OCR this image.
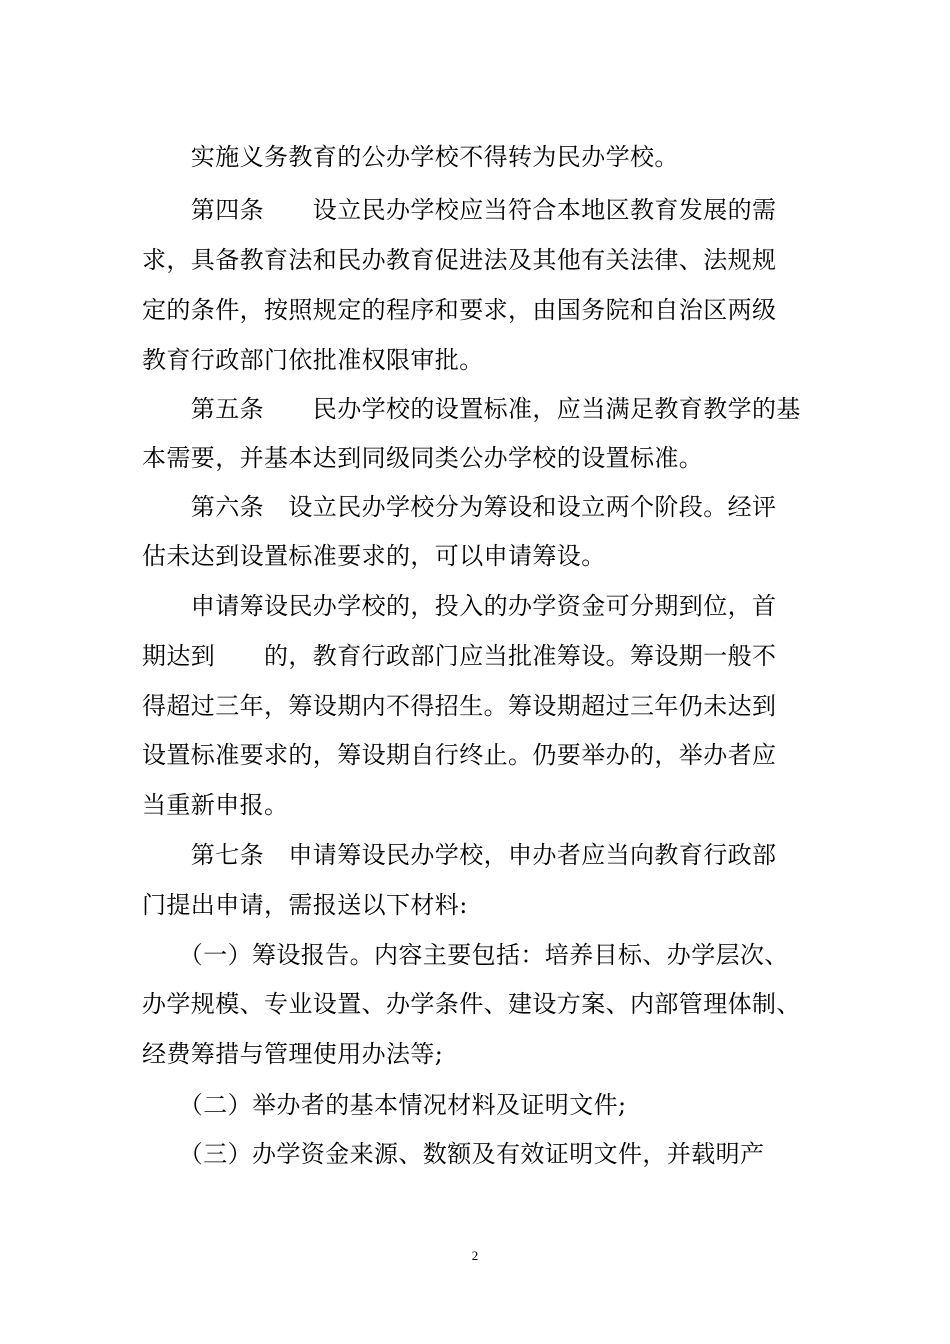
　　实施义务教育的公办学校不得转为民办学校。
　　第四条　　设立民办学校应当符合本地区教育发展的需
求，具备教育法和民办教育促进法及其他有关法律、法规规
定的条件，按照规定的程序和要求，由国务院和自治区两级
教育行政部门依批准权限审批。
　　第五条　　民办学校的设置标准，应当满足教育教学的基
本需要，并基本达到同级同类公办学校的设置标准。
　　第六条　设立民办学校分为筹设和设立两个阶段。经评
估未达到设置标准要求的，可以申请筹设。
　　申请筹设民办学校的，投入的办学资金可分期到位，首
期达到　　的，教育行政部门应当批准筹设。筹设期一般不
得超过三年，筹设期内不得招生。筹设期超过三年仍未达到
设置标准要求的，筹设期自行终止。仍要举办的，举办者应
当重新申报。
　　第七条　申请筹设民办学校，申办者应当向教育行政部
门提出申请，需报送以下材料:
　　（一）筹设报告。内容主要包括：培养目标、办学层次、
办学规模、专业设置、办学条件、建设方案、内部管理体制、
经费筹措与管理使用办法等;
　　（二）举办者的基本情况材料及证明文件;
　　（三）办学资金来源、数额及有效证明文件，并载明产
2
